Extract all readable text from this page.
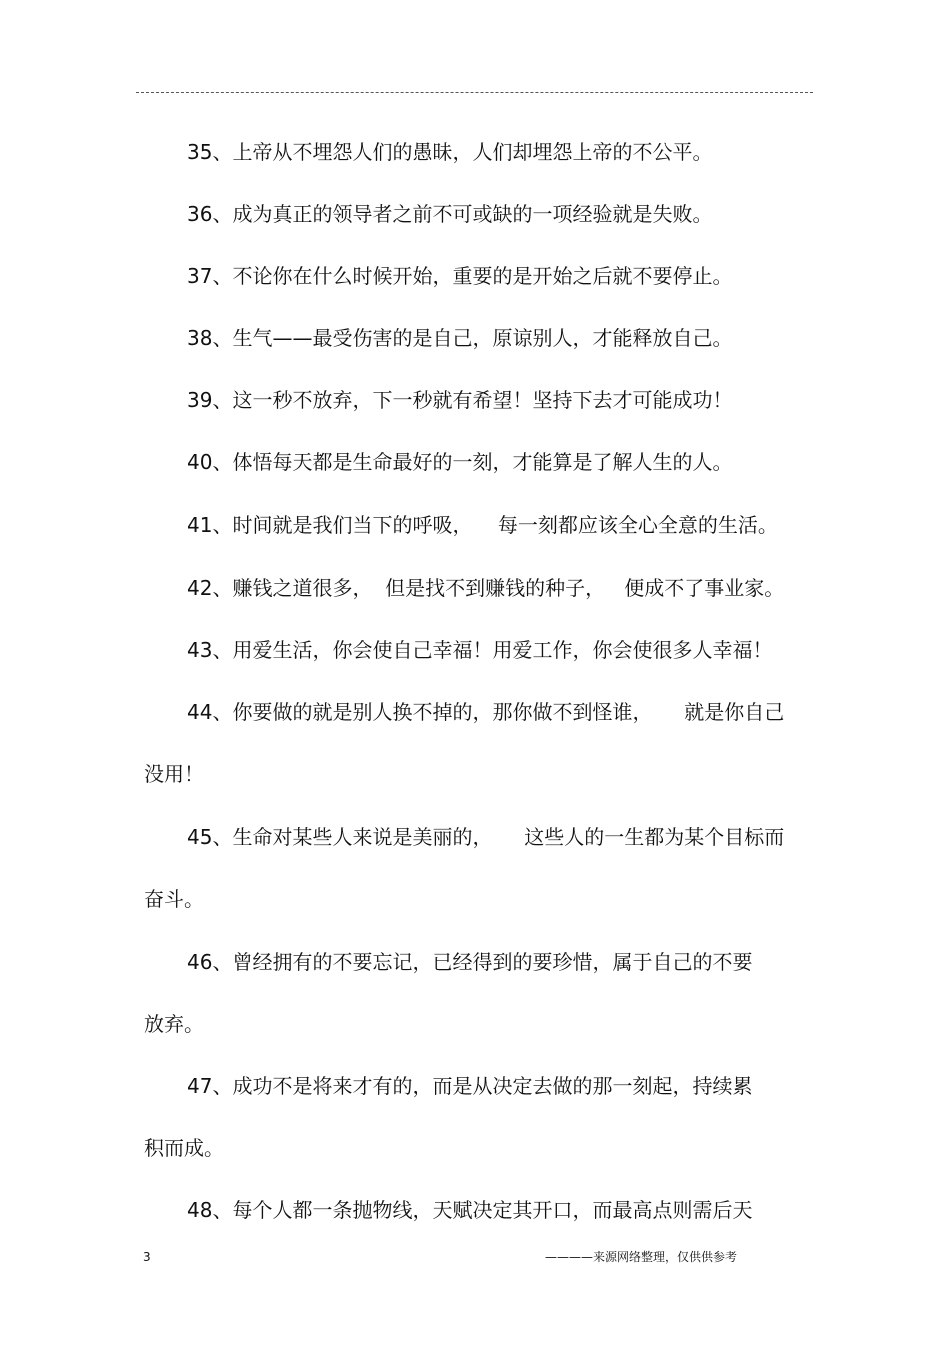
35、上帝从不埋怨人们的愚昧，人们却埋怨上帝的不公平。
36、成为真正的领导者之前不可或缺的一项经验就是失败。
37、不论你在什么时候开始，重要的是开始之后就不要停止。
38、生气——最受伤害的是自己，原谅别人，才能释放自己。
39、这一秒不放弃，下一秒就有希望！坚持下去才可能成功！
40、体悟每天都是生命最好的一刻，才能算是了解人生的人。
41、时间就是我们当下的呼吸，    每一刻都应该全心全意的生活。
42、赚钱之道很多，  但是找不到赚钱的种子，   便成不了事业家。
43、用爱生活，你会使自己幸福！用爱工作，你会使很多人幸福！
44、你要做的就是别人换不掉的，那你做不到怪谁，     就是你自己
没用！
45、生命对某些人来说是美丽的，     这些人的一生都为某个目标而
奋斗。
46、曾经拥有的不要忘记，已经得到的要珍惜，属于自己的不要
放弃。
47、成功不是将来才有的，而是从决定去做的那一刻起，持续累
积而成。
48、每个人都一条抛物线，天赋决定其开口，而最高点则需后天
3	————来源网络整理，仅供供参考
